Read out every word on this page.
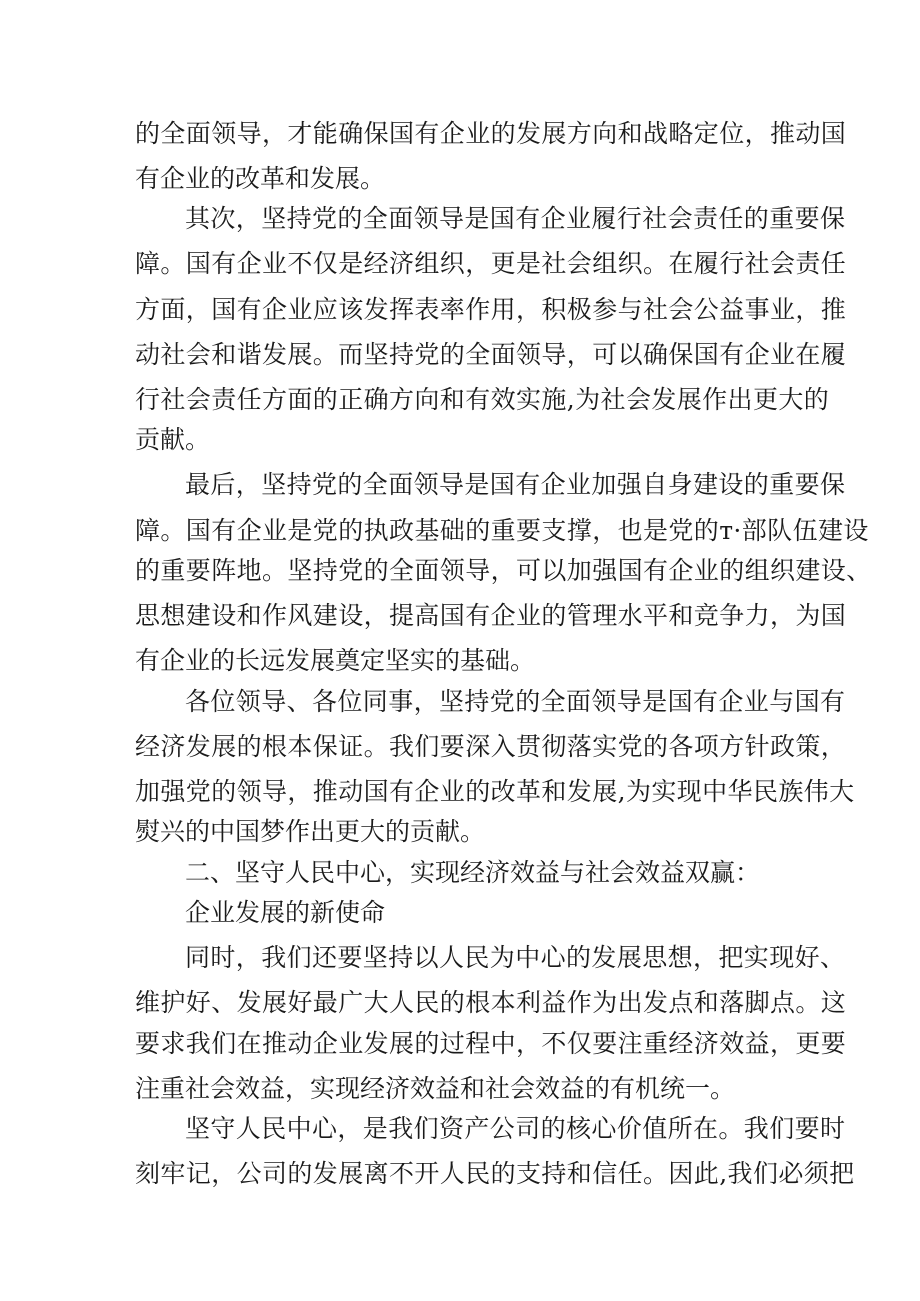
的全面领导，才能确保国有企业的发展方向和战略定位，推动国

有企业的改革和发展。

其次，坚持党的全面领导是国有企业履行社会责任的重要保

障。国有企业不仅是经济组织，更是社会组织。在履行社会责任

方面，国有企业应该发挥表率作用，积极参与社会公益事业，推

动社会和谐发展。而坚持党的全面领导，可以确保国有企业在履

行社会责任方面的正确方向和有效实施,为社会发展作出更大的

贡献。

最后，坚持党的全面领导是国有企业加强自身建设的重要保

障。国有企业是党的执政基础的重要支撑，也是党的т·部队伍建设

的重要阵地。坚持党的全面领导，可以加强国有企业的组织建设、

思想建设和作风建设，提高国有企业的管理水平和竞争力，为国

有企业的长远发展奠定坚实的基础。

各位领导、各位同事，坚持党的全面领导是国有企业与国有

经济发展的根本保证。我们要深入贯彻落实党的各项方针政策，

加强党的领导，推动国有企业的改革和发展,为实现中华民族伟大

熨兴的中国梦作出更大的贡献。

二、坚守人民中心，实现经济效益与社会效益双赢：

企业发展的新使命

同时，我们还要坚持以人民为中心的发展思想，把实现好、

维护好、发展好最广大人民的根本利益作为出发点和落脚点。这

要求我们在推动企业发展的过程中，不仅要注重经济效益，更要

注重社会效益，实现经济效益和社会效益的有机统一。

坚守人民中心，是我们资产公司的核心价值所在。我们要时

刻牢记，公司的发展离不开人民的支持和信任。因此,我们必须把
